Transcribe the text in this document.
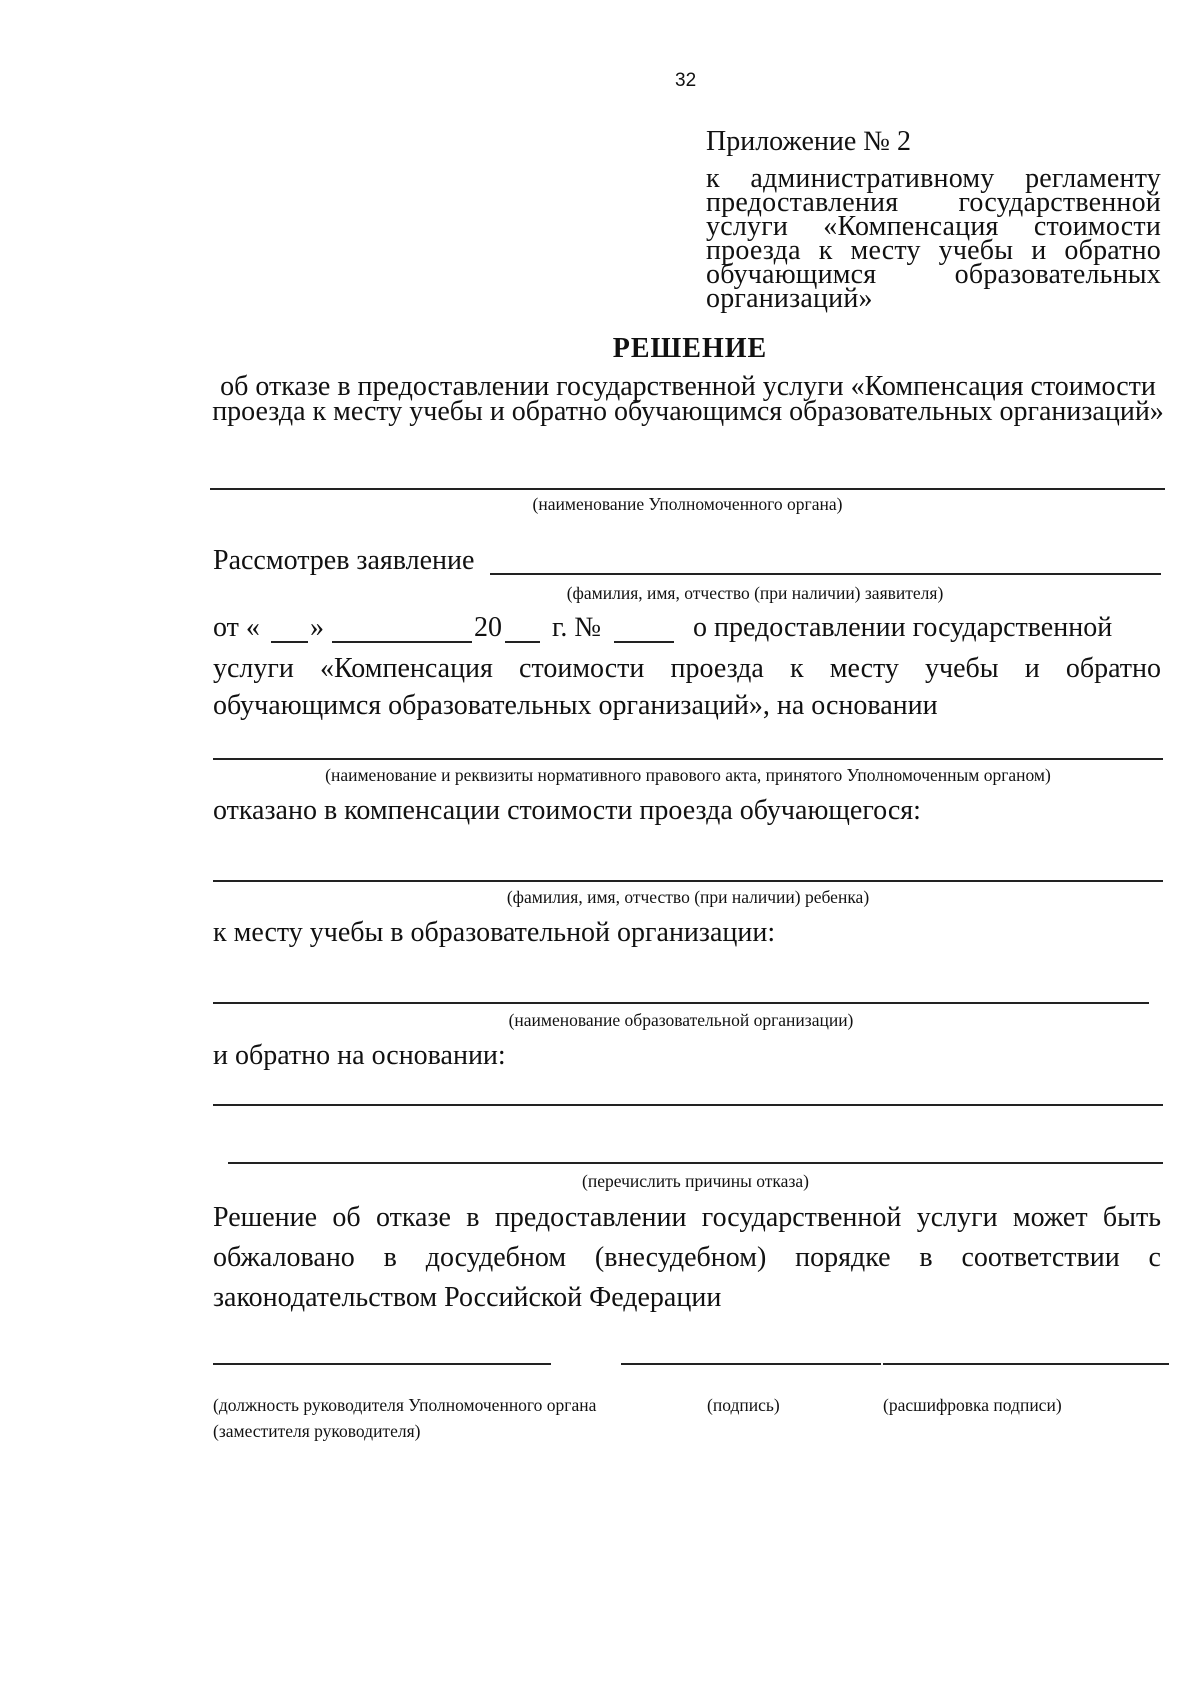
32
Приложение № 2
к административному регламенту предоставления государственной услуги «Компенсация стоимости проезда к месту учебы и обратно обучающимся образовательных организаций»
РЕШЕНИЕ
об отказе в предоставлении государственной услуги «Компенсация стоимости проезда к месту учебы и обратно обучающимся образовательных организаций»
(наименование Уполномоченного органа)
Рассмотрев заявление
(фамилия, имя, отчество (при наличии) заявителя)
от « »	20 г. №	о предоставлении государственной
услуги «Компенсация стоимости проезда к месту учебы и обратно обучающимся образовательных организаций», на основании
(наименование и реквизиты нормативного правового акта, принятого Уполномоченным органом)
отказано в компенсации стоимости проезда обучающегося:
(фамилия, имя, отчество (при наличии) ребенка)
к месту учебы в образовательной организации:
(наименование образовательной организации)
и обратно на основании:
(перечислить причины отказа)
Решение об отказе в предоставлении государственной услуги может быть обжаловано в досудебном (внесудебном) порядке в соответствии с законодательством Российской Федерации
(должность руководителя Уполномоченного органа (заместителя руководителя)
(подпись)	(расшифровка подписи)
